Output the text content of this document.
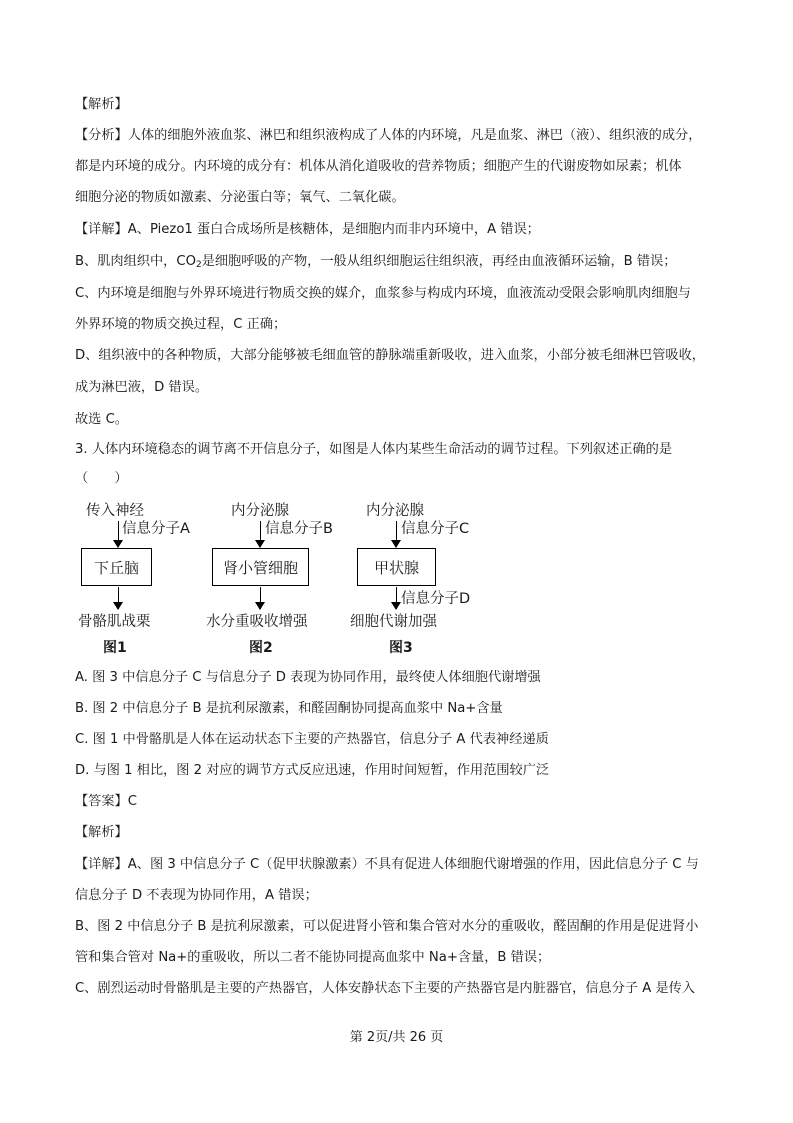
【解析】
【分析】人体的细胞外液血浆、淋巴和组织液构成了人体的内环境，凡是血浆、淋巴（液）、组织液的成分，
都是内环境的成分。内环境的成分有：机体从消化道吸收的营养物质；细胞产生的代谢废物如尿素；机体
细胞分泌的物质如激素、分泌蛋白等；氧气、二氧化碳。
【详解】A、Piezo1 蛋白合成场所是核糖体，是细胞内而非内环境中，A 错误；
B、肌肉组织中，$CO_2$是细胞呼吸的产物，一般从组织细胞运往组织液，再经由血液循环运输，B 错误；
C、内环境是细胞与外界环境进行物质交换的媒介，血浆参与构成内环境，血液流动受限会影响肌肉细胞与
外界环境的物质交换过程，C 正确；
D、组织液中的各种物质，大部分能够被毛细血管的静脉端重新吸收，进入血浆，小部分被毛细淋巴管吸收，
成为淋巴液，D 错误。
故选 C。
3. 人体内环境稳态的调节离不开信息分子，如图是人体内某些生命活动的调节过程。下列叙述正确的是
（　　）
传入神经
信息分子A
下丘脑
骨骼肌战栗
图1
内分泌腺
信息分子B
肾小管细胞
水分重吸收增强
图2
内分泌腺
信息分子C
甲状腺
信息分子D
细胞代谢加强
图3
A. 图 3 中信息分子 C 与信息分子 D 表现为协同作用，最终使人体细胞代谢增强
B. 图 2 中信息分子 B 是抗利尿激素，和醛固酮协同提高血浆中 Na+含量
C. 图 1 中骨骼肌是人体在运动状态下主要的产热器官，信息分子 A 代表神经递质
D. 与图 1 相比，图 2 对应的调节方式反应迅速，作用时间短暂，作用范围较广泛
【答案】C
【解析】
【详解】A、图 3 中信息分子 C（促甲状腺激素）不具有促进人体细胞代谢增强的作用，因此信息分子 C 与
信息分子 D 不表现为协同作用，A 错误；
B、图 2 中信息分子 B 是抗利尿激素，可以促进肾小管和集合管对水分的重吸收，醛固酮的作用是促进肾小
管和集合管对 Na+的重吸收，所以二者不能协同提高血浆中 Na+含量，B 错误；
C、剧烈运动时骨骼肌是主要的产热器官，人体安静状态下主要的产热器官是内脏器官，信息分子 A 是传入
第 2页/共 26 页
